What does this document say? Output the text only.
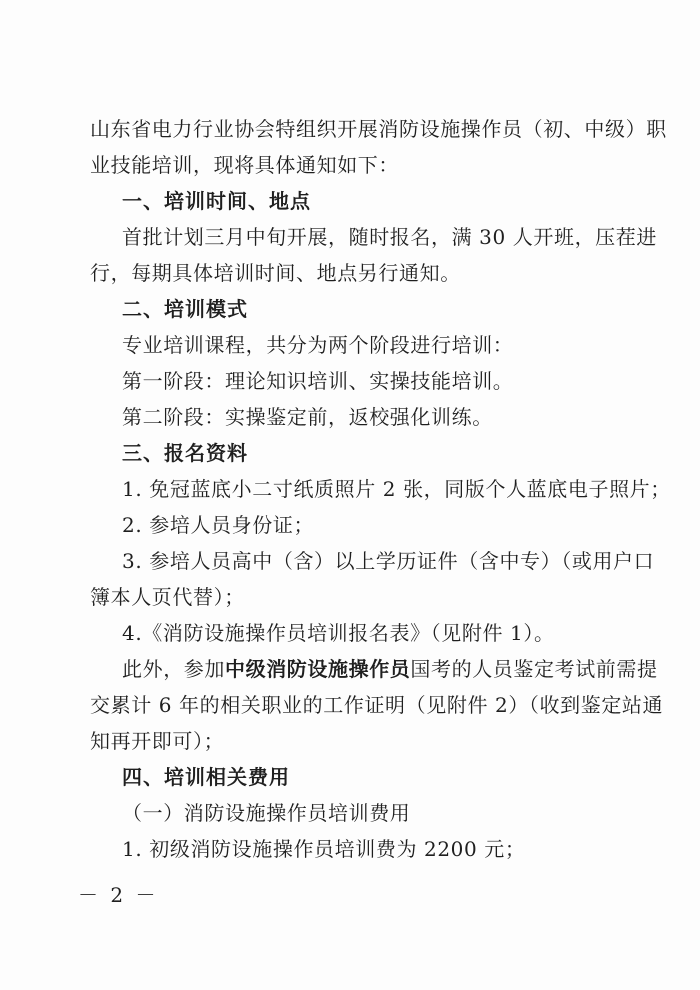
山东省电力行业协会特组织开展消防设施操作员（初、中级）职
业技能培训，现将具体通知如下：
一、培训时间、地点
首批计划三月中旬开展，随时报名，满 30 人开班，压茬进
行，每期具体培训时间、地点另行通知。
二、培训模式
专业培训课程，共分为两个阶段进行培训：
第一阶段：理论知识培训、实操技能培训。
第二阶段：实操鉴定前，返校强化训练。
三、报名资料
1. 免冠蓝底小二寸纸质照片 2 张，同版个人蓝底电子照片；
2. 参培人员身份证；
3. 参培人员高中（含）以上学历证件（含中专）（或用户口
簿本人页代替）；
4.《消防设施操作员培训报名表》（见附件 1）。
此外，参加中级消防设施操作员国考的人员鉴定考试前需提
交累计 6 年的相关职业的工作证明（见附件 2）（收到鉴定站通
知再开即可）；
四、培训相关费用
（一）消防设施操作员培训费用
1. 初级消防设施操作员培训费为 2200 元；
－ 2 －
